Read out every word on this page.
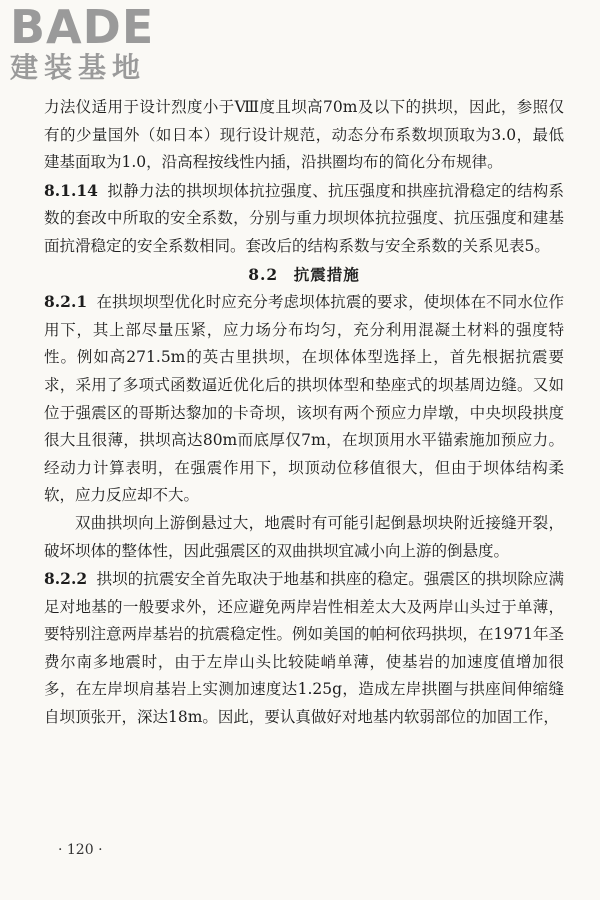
BADE
建装基地

力法仪适用于设计烈度小于Ⅷ度且坝高70m及以下的拱坝，因此，参照仅有的少量国外（如日本）现行设计规范，动态分布系数坝顶取为3.0，最低建基面取为1.0，沿高程按线性内插，沿拱圈均布的简化分布规律。

8.1.14 拟静力法的拱坝坝体抗拉强度、抗压强度和拱座抗滑稳定的结构系数的套改中所取的安全系数，分别与重力坝坝体抗拉强度、抗压强度和建基面抗滑稳定的安全系数相同。套改后的结构系数与安全系数的关系见表5。

8.2 抗震措施

8.2.1 在拱坝坝型优化时应充分考虑坝体抗震的要求，使坝体在不同水位作用下，其上部尽量压紧，应力场分布均匀，充分利用混凝土材料的强度特性。例如高271.5m的英古里拱坝，在坝体体型选择上，首先根据抗震要求，采用了多项式函数逼近优化后的拱坝体型和垫座式的坝基周边缝。又如位于强震区的哥斯达黎加的卡奇坝，该坝有两个预应力岸墩，中央坝段拱度很大且很薄，拱坝高达80m而底厚仅7m，在坝顶用水平锚索施加预应力。经动力计算表明，在强震作用下，坝顶动位移值很大，但由于坝体结构柔软，应力反应却不大。

双曲拱坝向上游倒悬过大，地震时有可能引起倒悬坝块附近接缝开裂，破坏坝体的整体性，因此强震区的双曲拱坝宜减小向上游的倒悬度。

8.2.2 拱坝的抗震安全首先取决于地基和拱座的稳定。强震区的拱坝除应满足对地基的一般要求外，还应避免两岸岩性相差太大及两岸山头过于单薄，要特别注意两岸基岩的抗震稳定性。例如美国的帕柯依玛拱坝，在1971年圣费尔南多地震时，由于左岸山头比较陡峭单薄，使基岩的加速度值增加很多，在左岸坝肩基岩上实测加速度达1.25g，造成左岸拱圈与拱座间伸缩缝自坝顶张开，深达18m。因此，要认真做好对地基内软弱部位的加固工作，

· 120 ·
